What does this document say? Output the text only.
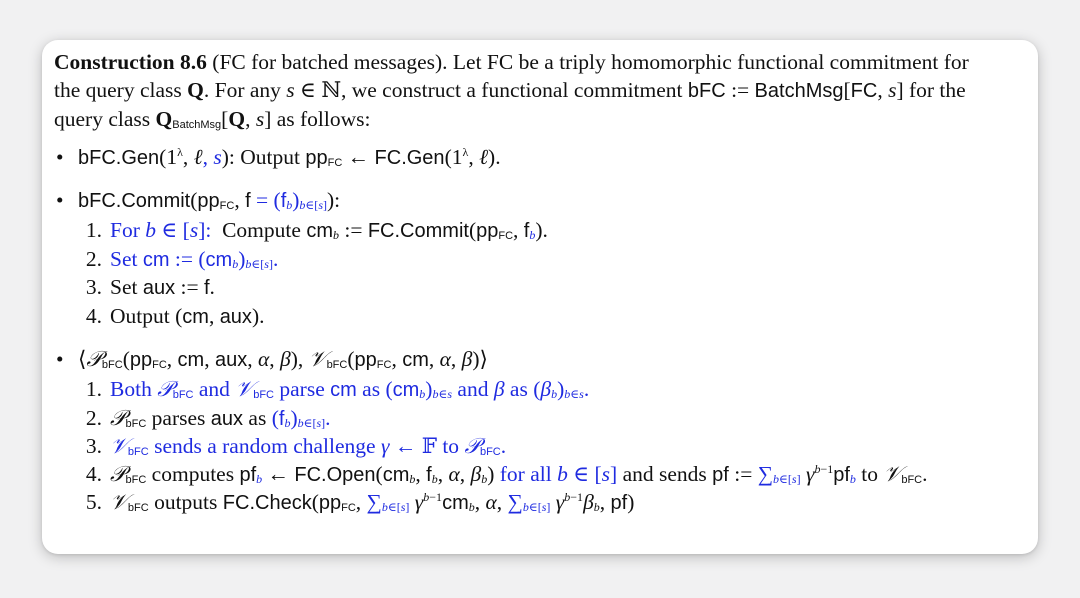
Construction 8.6 (FC for batched messages). Let FC be a triply homomorphic functional commitment for
the query class Q. For any s ∈ ℕ, we construct a functional commitment bFC := BatchMsg[FC, s] for the
query class $Q_{BatchMsg}[Q$, s] as follows:

• $bFC.Gen(1^\lambda$, ℓ, s): Output $pp_{FC}$ ← $FC.Gen(1^\lambda$, ℓ).

• $bFC.Commit(pp_{FC}$, $f = (f_b)_{b\in[s]}$):

1. For b ∈ [s]:  Compute $cm_b$ := $FC.Commit(pp_{FC}$, $f_b$).
2. Set cm := $(cm_b)_{b\in[s]}$.
3. Set aux := f.
4. Output (cm, aux).

• $⟨𝒫_{bFC}(pp_{FC}$, cm, aux, α, β), $𝒱_{bFC}(pp_{FC}$, cm, α, β)⟩

1. Both 𝒫$_{bFC}$ and 𝒱$_{bFC}$ parse cm as $(cm_b)_{b\in s}$ and β as $(\beta_b)_{b\in s}$.
2. 𝒫$_{bFC}$ parses aux as $(f_b)_{b\in[s]}$.
3. 𝒱$_{bFC}$ sends a random challenge γ ← 𝔽 to 𝒫$_{bFC}$.
4. 𝒫$_{bFC}$ computes $pf_b$ ← $FC.Open(cm_b$, $f_b$, α, $\beta_b$) for all b ∈ [s] and sends pf := $\sum_{b\in[s]}$ $\gamma^{b-1}pf_b$ to 𝒱$_{bFC}$.
5. 𝒱$_{bFC}$ outputs $FC.Check(pp_{FC}$, $\sum_{b\in[s]}$ $\gamma^{b-1}cm_b$, α, $\sum_{b\in[s]}$ $\gamma^{b-1}\beta_b$, pf)
